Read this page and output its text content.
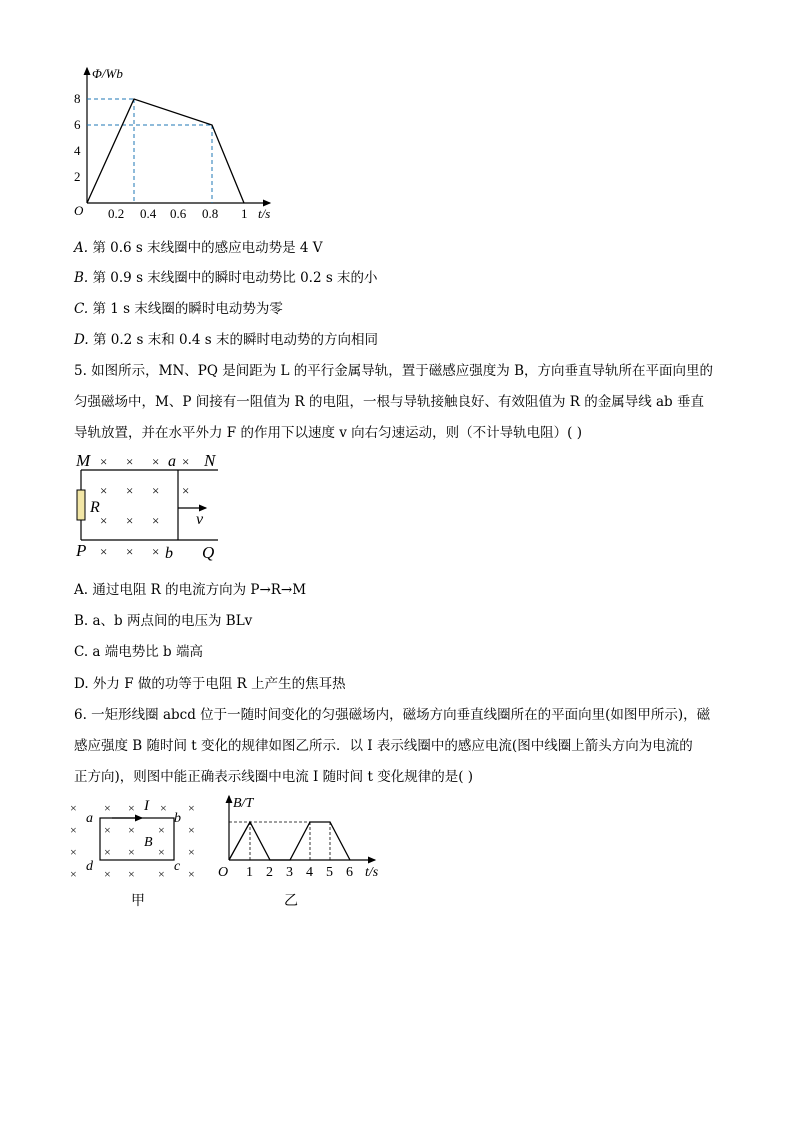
Φ/Wb
O
8
6
4
2
0.2 0.4 0.6 0.8 1 t/s
A. 第 0.6 s 末线圈中的感应电动势是 4 V
B. 第 0.9 s 末线圈中的瞬时电动势比 0.2 s 末的小
C. 第 1 s 末线圈的瞬时电动势为零
D. 第 0.2 s 末和 0.4 s 末的瞬时电动势的方向相同
5. 如图所示，MN、PQ 是间距为 L 的平行金属导轨，置于磁感应强度为 B，方向垂直导轨所在平面向里的
匀强磁场中，M、P 间接有一阻值为 R 的电阻，一根与导轨接触良好、有效阻值为 R 的金属导线 ab 垂直
导轨放置，并在水平外力 F 的作用下以速度 v 向右匀速运动，则（不计导轨电阻）( )
M	N
P	Q
a
b
R
v
× × × ×
× × × ×
× × ×
× × ×
A. 通过电阻 R 的电流方向为 P→R→M
B. a、b 两点间的电压为 BLv
C. a 端电势比 b 端高
D. 外力 F 做的功等于电阻 R 上产生的焦耳热
6. 一矩形线圈 abcd 位于一随时间变化的匀强磁场内，磁场方向垂直线圈所在的平面向里(如图甲所示)，磁
感应强度 B 随时间 t 变化的规律如图乙所示．以 I 表示线圈中的感应电流(图中线圈上箭头方向为电流的
正方向)，则图中能正确表示线圈中电流 I 随时间 t 变化规律的是( )
I
a	b
c
d
B
× × × × ×
× × × × ×
× × × × ×
× × × × ×
甲
B/T
O 1 2 3 4 5 6 t/s
乙
